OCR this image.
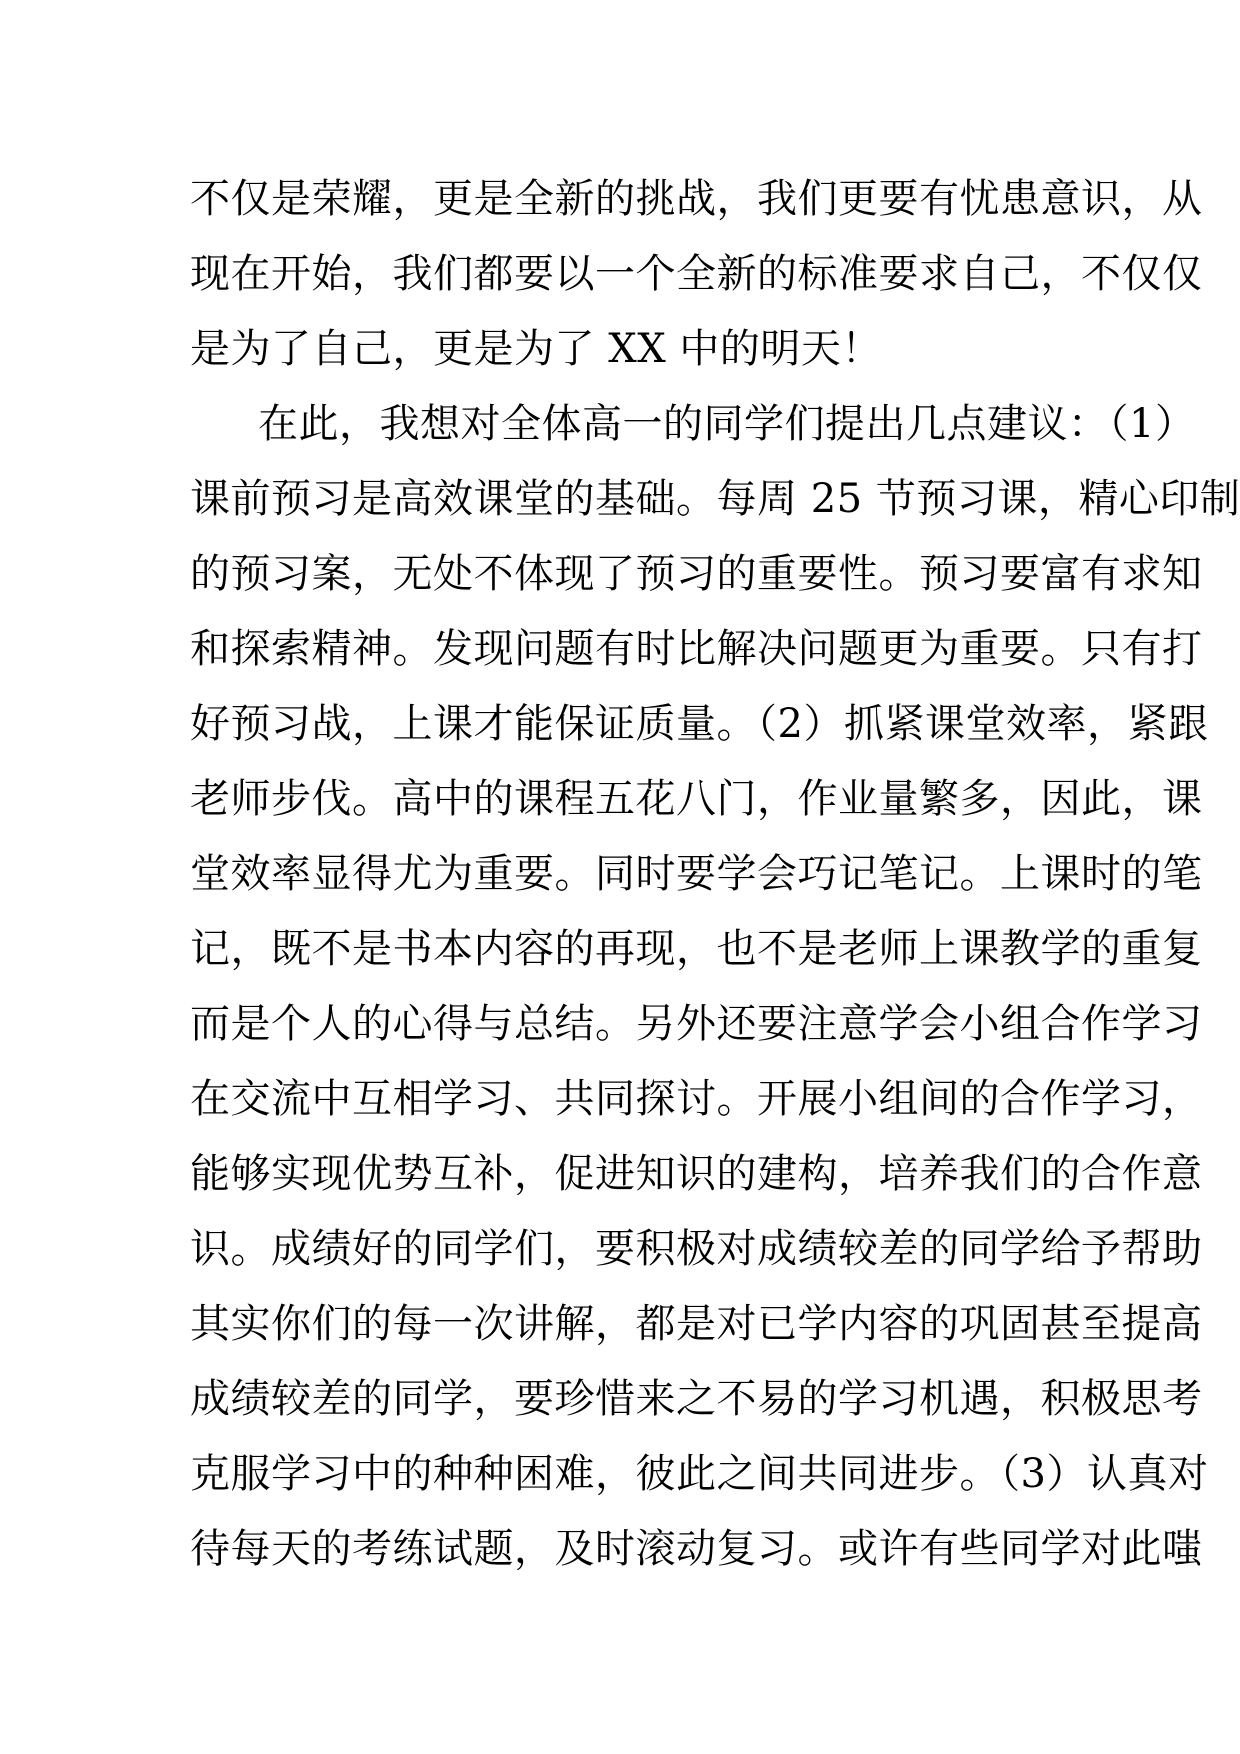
不仅是荣耀，更是全新的挑战，我们更要有忧患意识，从
现在开始，我们都要以一个全新的标准要求自己，不仅仅
是为了自己，更是为了 XX 中的明天！
在此，我想对全体高一的同学们提出几点建议：（1）
课前预习是高效课堂的基础。每周 25 节预习课，精心印制
的预习案，无处不体现了预习的重要性。预习要富有求知
和探索精神。发现问题有时比解决问题更为重要。只有打
好预习战，上课才能保证质量。（2）抓紧课堂效率，紧跟
老师步伐。高中的课程五花八门，作业量繁多，因此，课
堂效率显得尤为重要。同时要学会巧记笔记。上课时的笔
记，既不是书本内容的再现，也不是老师上课教学的重复
而是个人的心得与总结。另外还要注意学会小组合作学习
在交流中互相学习、共同探讨。开展小组间的合作学习，
能够实现优势互补，促进知识的建构，培养我们的合作意
识。成绩好的同学们，要积极对成绩较差的同学给予帮助
其实你们的每一次讲解，都是对已学内容的巩固甚至提高
成绩较差的同学，要珍惜来之不易的学习机遇，积极思考
克服学习中的种种困难，彼此之间共同进步。（3）认真对
待每天的考练试题，及时滚动复习。或许有些同学对此嗤
